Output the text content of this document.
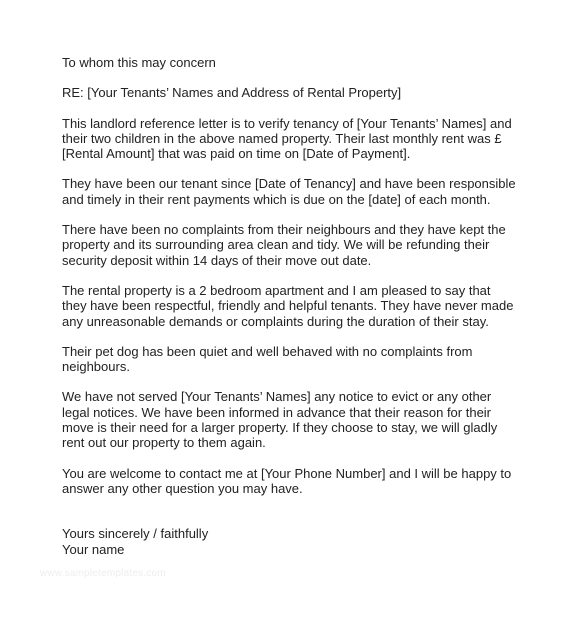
To whom this may concern

RE: [Your Tenants’ Names and Address of Rental Property]

This landlord reference letter is to verify tenancy of [Your Tenants’ Names] and
their two children in the above named property. Their last monthly rent was £
[Rental Amount] that was paid on time on [Date of Payment].

They have been our tenant since [Date of Tenancy] and have been responsible
and timely in their rent payments which is due on the [date] of each month.

There have been no complaints from their neighbours and they have kept the
property and its surrounding area clean and tidy. We will be refunding their
security deposit within 14 days of their move out date.

The rental property is a 2 bedroom apartment and I am pleased to say that
they have been respectful, friendly and helpful tenants. They have never made
any unreasonable demands or complaints during the duration of their stay.

Their pet dog has been quiet and well behaved with no complaints from
neighbours.

We have not served [Your Tenants’ Names] any notice to evict or any other
legal notices. We have been informed in advance that their reason for their
move is their need for a larger property. If they choose to stay, we will gladly
rent out our property to them again.

You are welcome to contact me at [Your Phone Number] and I will be happy to
answer any other question you may have.

Yours sincerely / faithfully
Your name
www.sampletemplates.com
